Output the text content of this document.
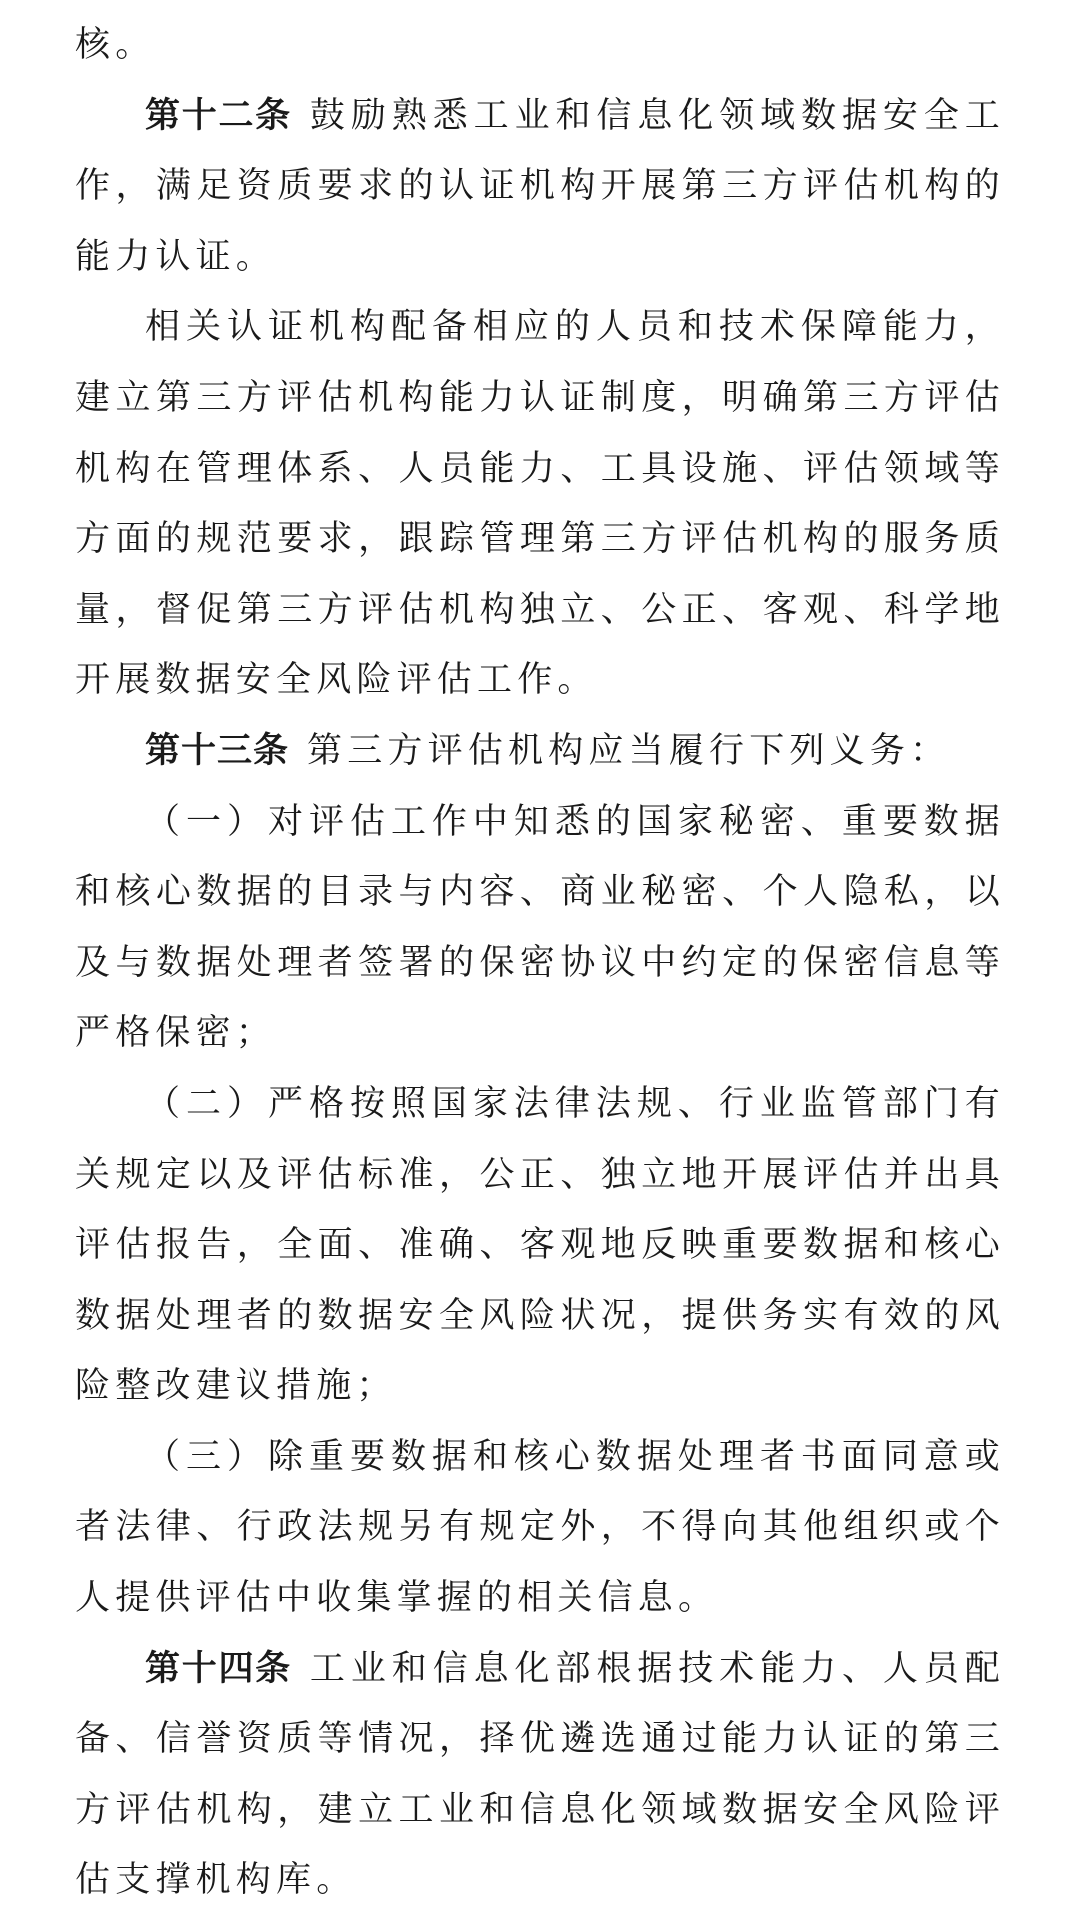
核。

第十二条 鼓励熟悉工业和信息化领域数据安全工作，满足资质要求的认证机构开展第三方评估机构的能力认证。

相关认证机构配备相应的人员和技术保障能力，建立第三方评估机构能力认证制度，明确第三方评估机构在管理体系、人员能力、工具设施、评估领域等方面的规范要求，跟踪管理第三方评估机构的服务质量，督促第三方评估机构独立、公正、客观、科学地开展数据安全风险评估工作。

第十三条 第三方评估机构应当履行下列义务：

（一）对评估工作中知悉的国家秘密、重要数据和核心数据的目录与内容、商业秘密、个人隐私，以及与数据处理者签署的保密协议中约定的保密信息等严格保密；

（二）严格按照国家法律法规、行业监管部门有关规定以及评估标准，公正、独立地开展评估并出具评估报告，全面、准确、客观地反映重要数据和核心数据处理者的数据安全风险状况，提供务实有效的风险整改建议措施；

（三）除重要数据和核心数据处理者书面同意或者法律、行政法规另有规定外，不得向其他组织或个人提供评估中收集掌握的相关信息。

第十四条 工业和信息化部根据技术能力、人员配备、信誉资质等情况，择优遴选通过能力认证的第三方评估机构，建立工业和信息化领域数据安全风险评估支撑机构库。
